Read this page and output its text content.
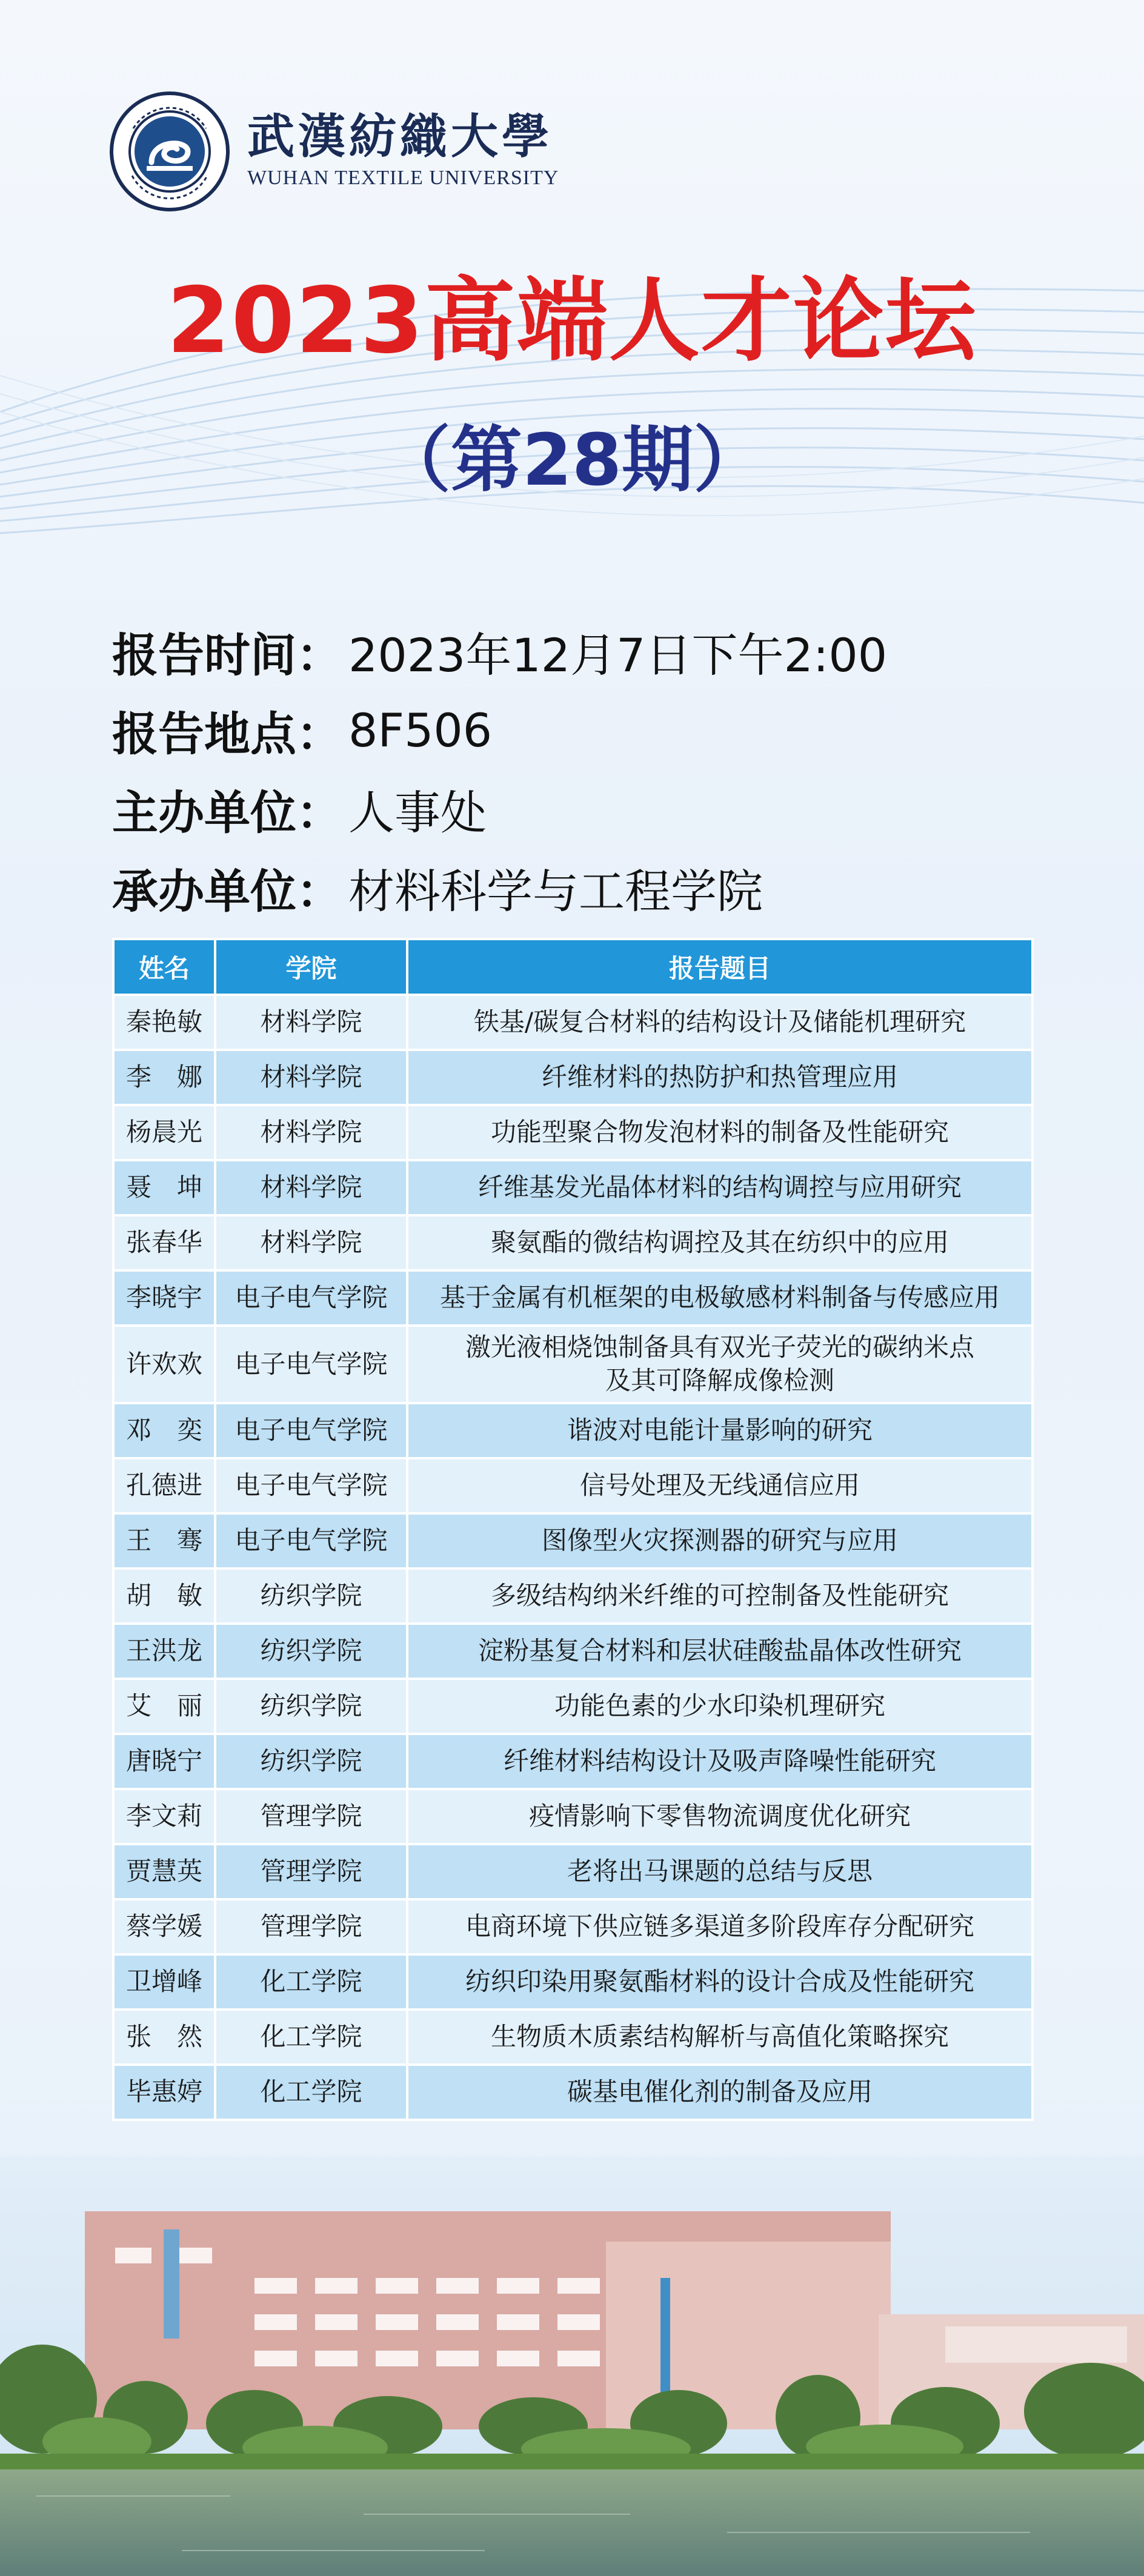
武漢紡織大學
WUHAN TEXTILE UNIVERSITY
2023高端人才论坛
（第28期）
报告时间 ： 2023年12月7日下午2:00
报告地点 ： 8F506
主办单位 ： 人事处
承办单位 ： 材料科学与工程学院
姓名	学院	报告题目
秦艳敏	材料学院	铁基/碳复合材料的结构设计及储能机理研究
李　娜	材料学院	纤维材料的热防护和热管理应用
杨晨光	材料学院	功能型聚合物发泡材料的制备及性能研究
聂　坤	材料学院	纤维基发光晶体材料的结构调控与应用研究
张春华	材料学院	聚氨酯的微结构调控及其在纺织中的应用
李晓宇	电子电气学院	基于金属有机框架的电极敏感材料制备与传感应用
许欢欢	电子电气学院	激光液相烧蚀制备具有双光子荧光的碳纳米点
及其可降解成像检测
邓　奕	电子电气学院	谐波对电能计量影响的研究
孔德进	电子电气学院	信号处理及无线通信应用
王　骞	电子电气学院	图像型火灾探测器的研究与应用
胡　敏	纺织学院	多级结构纳米纤维的可控制备及性能研究
王洪龙	纺织学院	淀粉基复合材料和层状硅酸盐晶体改性研究
艾　丽	纺织学院	功能色素的少水印染机理研究
唐晓宁	纺织学院	纤维材料结构设计及吸声降噪性能研究
李文莉	管理学院	疫情影响下零售物流调度优化研究
贾慧英	管理学院	老将出马课题的总结与反思
蔡学媛	管理学院	电商环境下供应链多渠道多阶段库存分配研究
卫增峰	化工学院	纺织印染用聚氨酯材料的设计合成及性能研究
张　然	化工学院	生物质木质素结构解析与高值化策略探究
毕惠婷	化工学院	碳基电催化剂的制备及应用
